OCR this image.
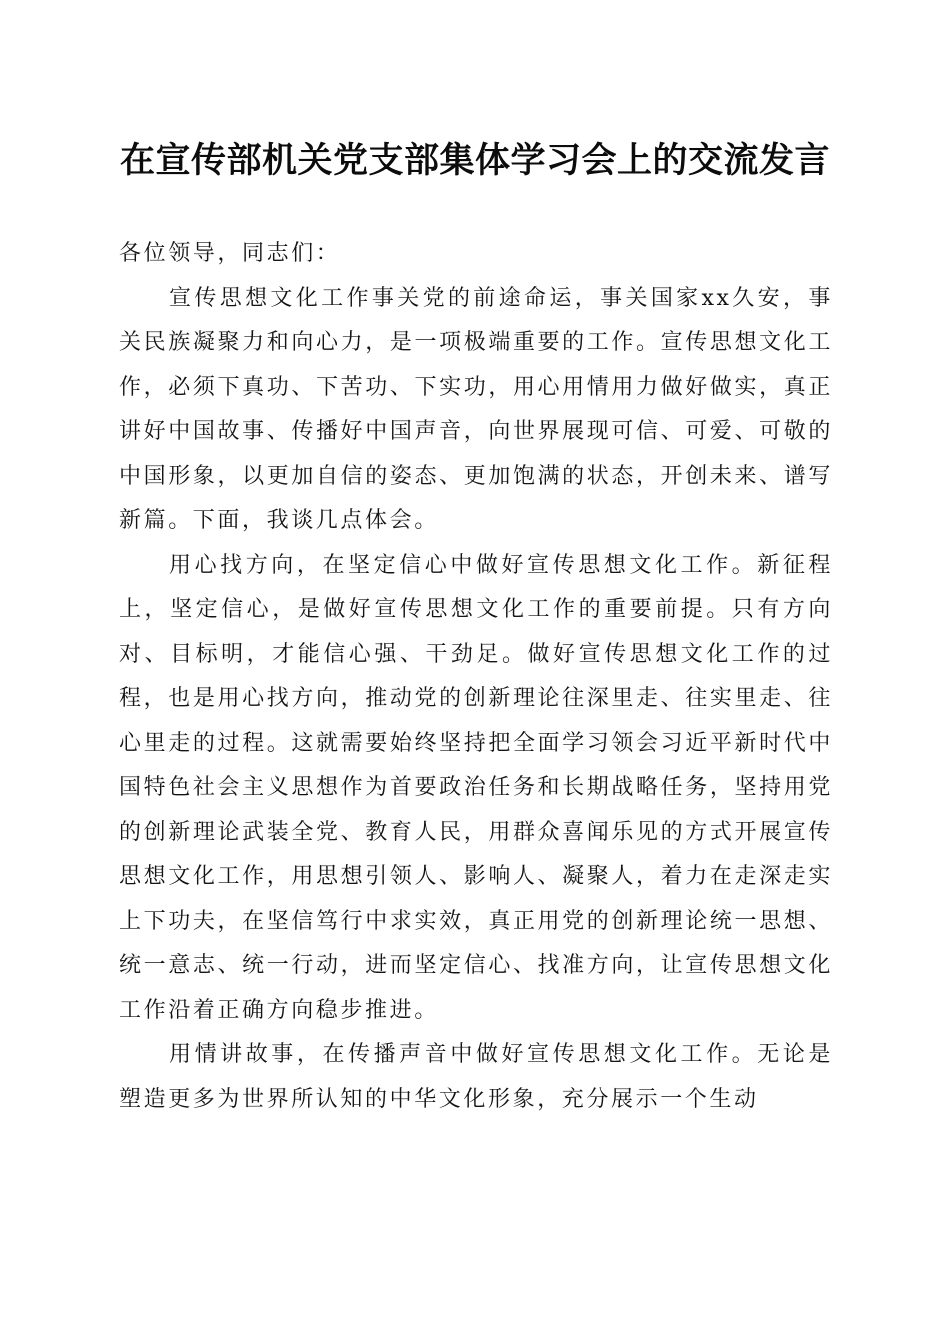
在宣传部机关党支部集体学习会上的交流发言

各位领导，同志们：

宣传思想文化工作事关党的前途命运，事关国家xx久安，事关民族凝聚力和向心力，是一项极端重要的工作。宣传思想文化工作，必须下真功、下苦功、下实功，用心用情用力做好做实，真正讲好中国故事、传播好中国声音，向世界展现可信、可爱、可敬的中国形象，以更加自信的姿态、更加饱满的状态，开创未来、谱写新篇。下面，我谈几点体会。

用心找方向，在坚定信心中做好宣传思想文化工作。新征程上，坚定信心，是做好宣传思想文化工作的重要前提。只有方向对、目标明，才能信心强、干劲足。做好宣传思想文化工作的过程，也是用心找方向，推动党的创新理论往深里走、往实里走、往心里走的过程。这就需要始终坚持把全面学习领会习近平新时代中国特色社会主义思想作为首要政治任务和长期战略任务，坚持用党的创新理论武装全党、教育人民，用群众喜闻乐见的方式开展宣传思想文化工作，用思想引领人、影响人、凝聚人，着力在走深走实上下功夫，在坚信笃行中求实效，真正用党的创新理论统一思想、统一意志、统一行动，进而坚定信心、找准方向，让宣传思想文化工作沿着正确方向稳步推进。

用情讲故事，在传播声音中做好宣传思想文化工作。无论是塑造更多为世界所认知的中华文化形象，充分展示一个生动
